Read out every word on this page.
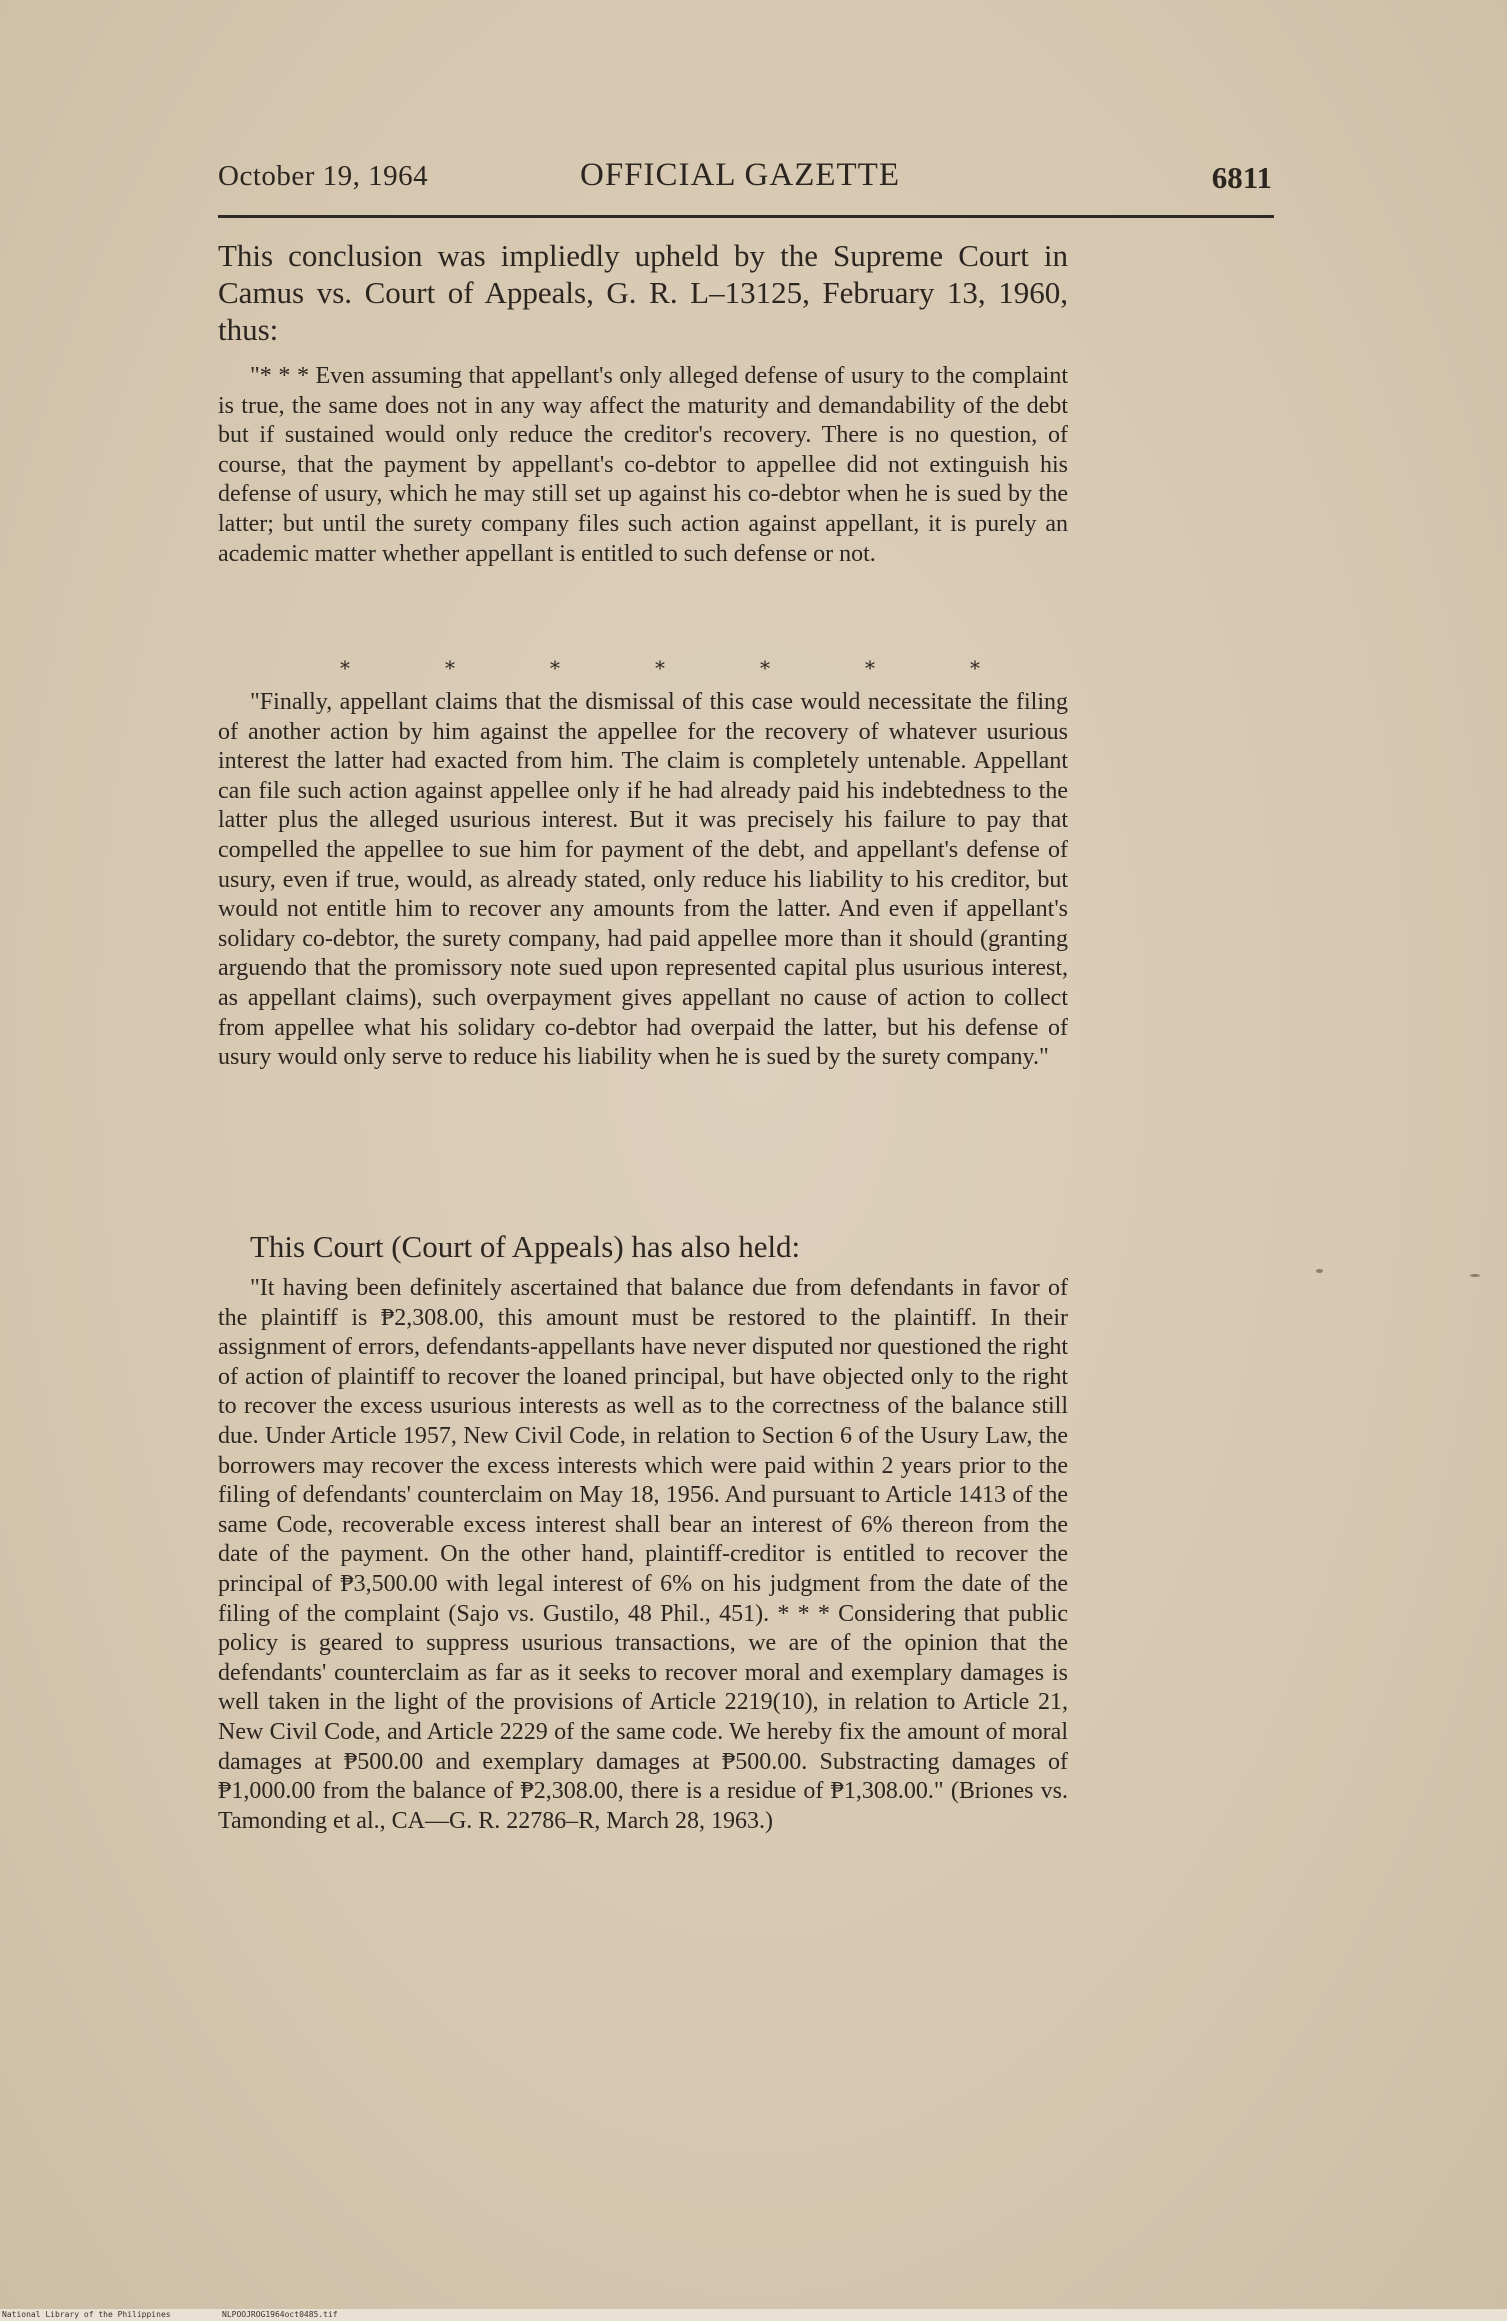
October 19, 1964	OFFICIAL GAZETTE	6811
This conclusion was impliedly upheld by the Supreme Court in Camus vs. Court of Appeals, G. R. L–13125, February 13, 1960, thus:
"* * * Even assuming that appellant's only alleged defense of usury to the complaint is true, the same does not in any way affect the maturity and demandability of the debt but if sustained would only reduce the creditor's recovery. There is no question, of course, that the payment by appellant's co-debtor to appellee did not extinguish his defense of usury, which he may still set up against his co-debtor when he is sued by the latter; but until the surety company files such action against appellant, it is purely an academic matter whether appellant is entitled to such defense or not.
*	*	*	*	*	*	*
"Finally, appellant claims that the dismissal of this case would necessitate the filing of another action by him against the appellee for the recovery of whatever usurious interest the latter had exacted from him. The claim is completely untenable. Appellant can file such action against appellee only if he had already paid his indebtedness to the latter plus the alleged usurious interest. But it was precisely his failure to pay that compelled the appellee to sue him for payment of the debt, and appellant's defense of usury, even if true, would, as already stated, only reduce his liability to his creditor, but would not entitle him to recover any amounts from the latter. And even if appellant's solidary co-debtor, the surety company, had paid appellee more than it should (granting arguendo that the promissory note sued upon represented capital plus usurious interest, as appellant claims), such overpayment gives appellant no cause of action to collect from appellee what his solidary co-debtor had overpaid the latter, but his defense of usury would only serve to reduce his liability when he is sued by the surety company."
This Court (Court of Appeals) has also held:
"It having been definitely ascertained that balance due from defendants in favor of the plaintiff is ₱2,308.00, this amount must be restored to the plaintiff. In their assignment of errors, defendants-appellants have never disputed nor questioned the right of action of plaintiff to recover the loaned principal, but have objected only to the right to recover the excess usurious interests as well as to the correctness of the balance still due. Under Article 1957, New Civil Code, in relation to Section 6 of the Usury Law, the borrowers may recover the excess interests which were paid within 2 years prior to the filing of defendants' counterclaim on May 18, 1956. And pursuant to Article 1413 of the same Code, recoverable excess interest shall bear an interest of 6% thereon from the date of the payment. On the other hand, plaintiff-creditor is entitled to recover the principal of ₱3,500.00 with legal interest of 6% on his judgment from the date of the filing of the complaint (Sajo vs. Gustilo, 48 Phil., 451). * * * Considering that public policy is geared to suppress usurious transactions, we are of the opinion that the defendants' counterclaim as far as it seeks to recover moral and exemplary damages is well taken in the light of the provisions of Article 2219(10), in relation to Article 21, New Civil Code, and Article 2229 of the same code. We hereby fix the amount of moral damages at ₱500.00 and exemplary damages at ₱500.00. Substracting damages of ₱1,000.00 from the balance of ₱2,308.00, there is a residue of ₱1,308.00." (Briones vs. Tamonding et al., CA—G. R. 22786–R, March 28, 1963.)
National Library of the Philippines	NLPOOJROG1964oct0485.tif
